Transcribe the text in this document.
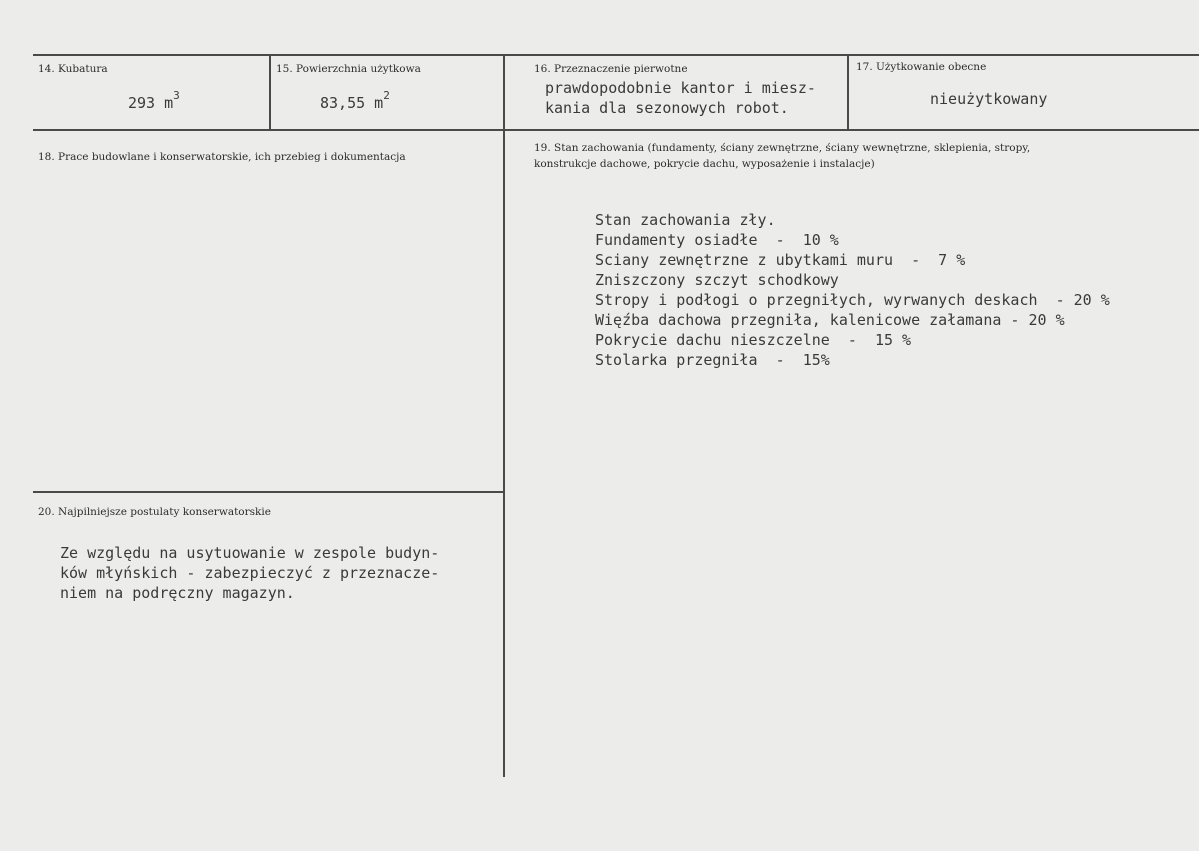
14. Kubatura
293 $m^3$
15. Powierzchnia użytkowa
83,55 $m^2$
16. Przeznaczenie pierwotne
prawdopodobnie kantor i miesz-
kania dla sezonowych robot.
17. Użytkowanie obecne
nieużytkowany
18. Prace budowlane i konserwatorskie, ich przebieg i dokumentacja
19. Stan zachowania (fundamenty, ściany zewnętrzne, ściany wewnętrzne, sklepienia, stropy,
konstrukcje dachowe, pokrycie dachu, wyposażenie i instalacje)
Stan zachowania zły.
Fundamenty osiadłe  -  10 %
Sciany zewnętrzne z ubytkami muru  -  7 %
Zniszczony szczyt schodkowy
Stropy i podłogi o przegniłych, wyrwanych deskach  - 20 %
Więźba dachowa przegniła, kalenicowe załamana - 20 %
Pokrycie dachu nieszczelne  -  15 %
Stolarka przegniła  -  15%
20. Najpilniejsze postulaty konserwatorskie
Ze względu na usytuowanie w zespole budyn-
ków młyńskich - zabezpieczyć z przeznacze-
niem na podręczny magazyn.
